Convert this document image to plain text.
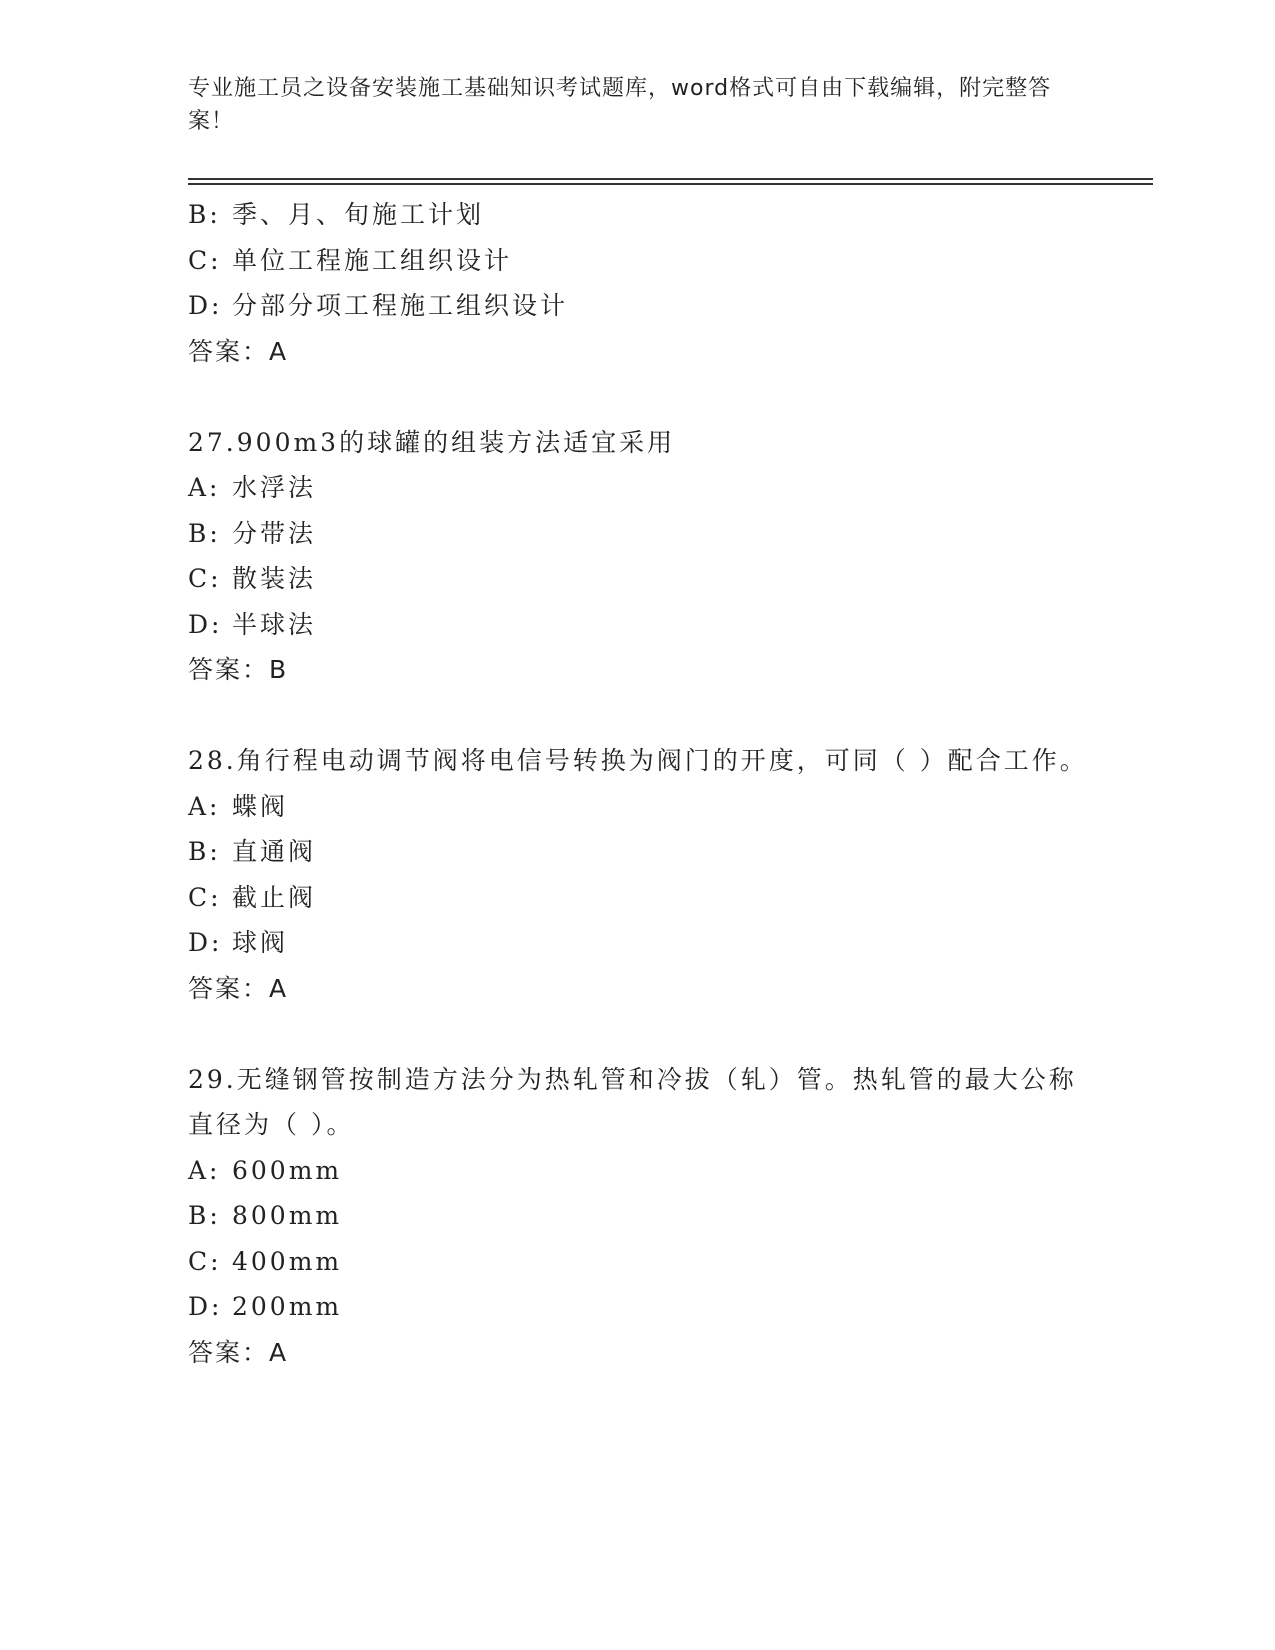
专业施工员之设备安装施工基础知识考试题库，word格式可自由下载编辑，附完整答案！
B: 季、月、旬施工计划
C: 单位工程施工组织设计
D: 分部分项工程施工组织设计
答案：A
27.900m3的球罐的组装方法适宜采用
A: 水浮法
B: 分带法
C: 散装法
D: 半球法
答案：B
28.角行程电动调节阀将电信号转换为阀门的开度，可同（ ）配合工作。
A: 蝶阀
B: 直通阀
C: 截止阀
D: 球阀
答案：A
29.无缝钢管按制造方法分为热轧管和冷拔（轧）管。热轧管的最大公称直径为（ ）。
A: 600mm
B: 800mm
C: 400mm
D: 200mm
答案：A
